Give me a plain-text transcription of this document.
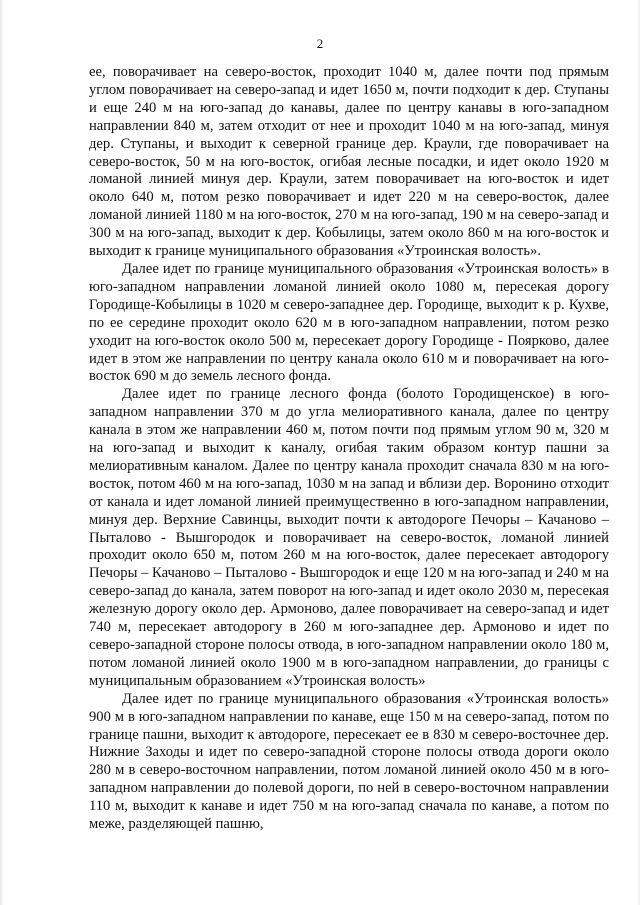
2

ее, поворачивает на северо-восток, проходит 1040 м, далее почти под прямым углом поворачивает на северо-запад и идет 1650 м, почти подходит к дер. Ступаны и еще 240 м на юго-запад до канавы, далее по центру канавы в юго-западном направлении 840 м, затем отходит от нее и проходит 1040 м на юго-запад, минуя дер. Ступаны, и выходит к северной границе дер. Краули, где поворачивает на северо-восток, 50 м на юго-восток, огибая лесные посадки, и идет около 1920 м ломаной линией минуя дер. Краули, затем поворачивает на юго-восток и идет около 640 м, потом резко поворачивает и идет 220 м на северо-восток, далее ломаной линией 1180 м на юго-восток, 270 м на юго-запад, 190 м на северо-запад и 300 м на юго-запад, выходит к дер. Кобылицы, затем около 860 м на юго-восток и выходит к границе муниципального образования «Утроинская волость».

Далее идет по границе муниципального образования «Утроинская волость» в юго-западном направлении ломаной линией около 1080 м, пересекая дорогу Городище-Кобылицы в 1020 м северо-западнее дер. Городище, выходит к р. Кухве, по ее середине проходит около 620 м в юго-западном направлении, потом резко уходит на юго-восток около 500 м, пересекает дорогу Городище - Поярково, далее идет в этом же направлении по центру канала около 610 м и поворачивает на юго-восток 690 м до земель лесного фонда.

Далее идет по границе лесного фонда (болото Городищенское) в юго-западном направлении 370 м до угла мелиоративного канала, далее по центру канала в этом же направлении 460 м, потом почти под прямым углом 90 м, 320 м на юго-запад и выходит к каналу, огибая таким образом контур пашни за мелиоративным каналом. Далее по центру канала проходит сначала 830 м на юго-восток, потом 460 м на юго-запад, 1030 м на запад и вблизи дер. Воронино отходит от канала и идет ломаной линией преимущественно в юго-западном направлении, минуя дер. Верхние Савинцы, выходит почти к автодороге Печоры – Качаново – Пыталово - Вышгородок и поворачивает на северо-восток, ломаной линией проходит около 650 м, потом 260 м на юго-восток, далее пересекает автодорогу Печоры – Качаново – Пыталово - Вышгородок и еще 120 м на юго-запад и 240 м на северо-запад до канала, затем поворот на юго-запад и идет около 2030 м, пересекая железную дорогу около дер. Армоново, далее поворачивает на северо-запад и идет 740 м, пересекает автодорогу в 260 м юго-западнее дер. Армоново и идет по северо-западной стороне полосы отвода, в юго-западном направлении около 180 м, потом ломаной линией около 1900 м в юго-западном направлении, до границы с муниципальным образованием «Утроинская волость»

Далее идет по границе муниципального образования «Утроинская волость» 900 м в юго-западном направлении по канаве, еще 150 м на северо-запад, потом по границе пашни, выходит к автодороге, пересекает ее в 830 м северо-восточнее дер. Нижние Заходы и идет по северо-западной стороне полосы отвода дороги около 280 м в северо-восточном направлении, потом ломаной линией около 450 м в юго-западном направлении до полевой дороги, по ней в северо-восточном направлении 110 м, выходит к канаве и идет 750 м на юго-запад сначала по канаве, а потом по меже, разделяющей пашню,
